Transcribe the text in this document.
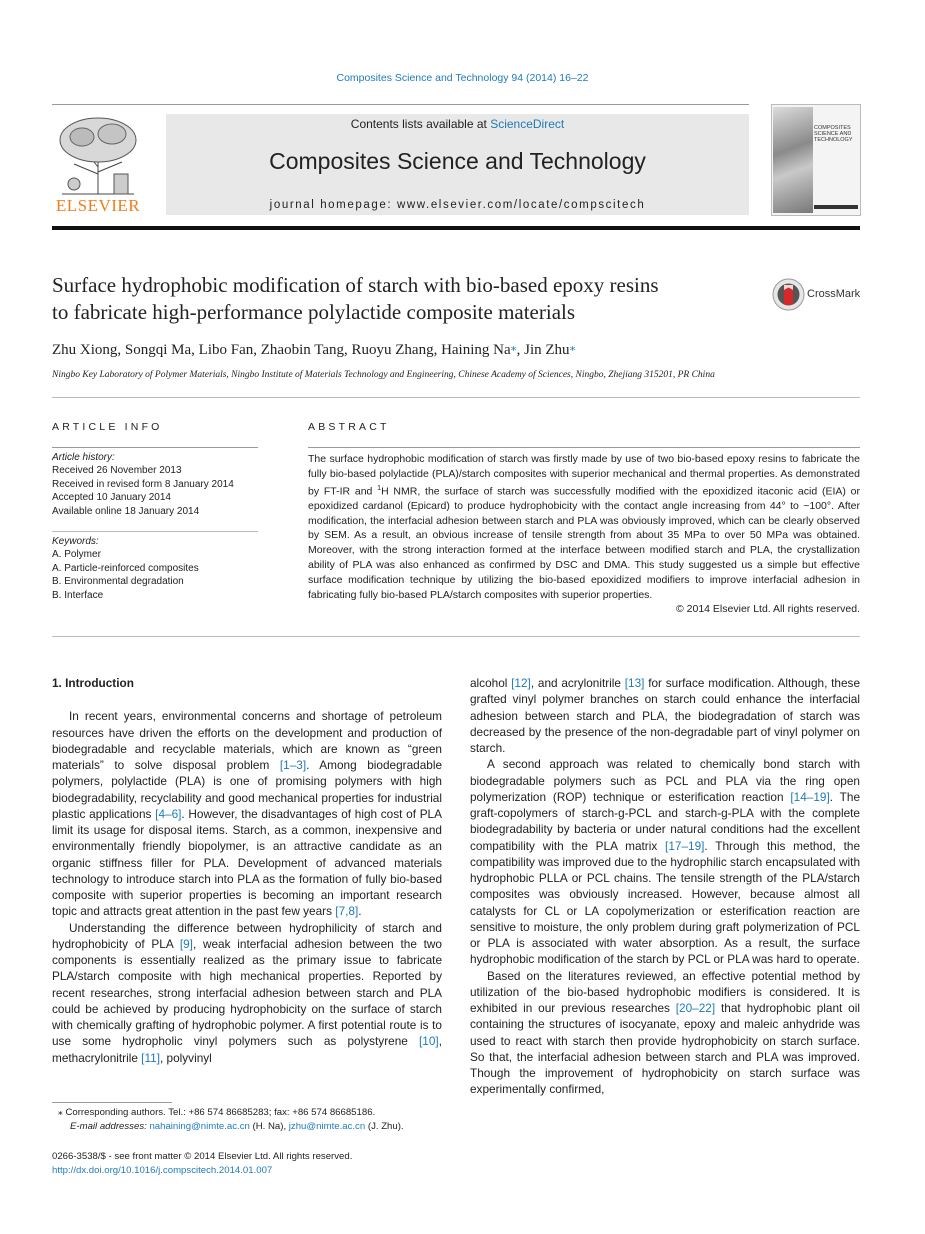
Composites Science and Technology 94 (2014) 16–22
ELSEVIER
Contents lists available at ScienceDirect
Composites Science and Technology
journal homepage: www.elsevier.com/locate/compscitech
COMPOSITES SCIENCE AND TECHNOLOGY
Surface hydrophobic modification of starch with bio-based epoxy resins
to fabricate high-performance polylactide composite materials
CrossMark
Zhu Xiong, Songqi Ma, Libo Fan, Zhaobin Tang, Ruoyu Zhang, Haining Na⁎, Jin Zhu⁎
Ningbo Key Laboratory of Polymer Materials, Ningbo Institute of Materials Technology and Engineering, Chinese Academy of Sciences, Ningbo, Zhejiang 315201, PR China
ARTICLE INFO
Article history:
Received 26 November 2013
Received in revised form 8 January 2014
Accepted 10 January 2014
Available online 18 January 2014
Keywords:
A. Polymer
A. Particle-reinforced composites
B. Environmental degradation
B. Interface
ABSTRACT
The surface hydrophobic modification of starch was firstly made by use of two bio-based epoxy resins to fabricate the fully bio-based polylactide (PLA)/starch composites with superior mechanical and thermal properties. As demonstrated by FT-IR and $^1$H NMR, the surface of starch was successfully modified with the epoxidized itaconic acid (EIA) or epoxidized cardanol (Epicard) to produce hydrophobicity with the contact angle increasing from 44° to ~100°. After modification, the interfacial adhesion between starch and PLA was obviously improved, which can be clearly observed by SEM. As a result, an obvious increase of tensile strength from about 35 MPa to over 50 MPa was obtained. Moreover, with the strong interaction formed at the interface between modified starch and PLA, the crystallization ability of PLA was also enhanced as confirmed by DSC and DMA. This study suggested us a simple but effective surface modification technique by utilizing the bio-based epoxidized modifiers to improve interfacial adhesion in fabricating fully bio-based PLA/starch composites with superior properties.
© 2014 Elsevier Ltd. All rights reserved.
1. Introduction

In recent years, environmental concerns and shortage of petroleum resources have driven the efforts on the development and production of biodegradable and recyclable materials, which are known as “green materials” to solve disposal problem [1–3]. Among biodegradable polymers, polylactide (PLA) is one of promising polymers with high biodegradability, recyclability and good mechanical properties for industrial plastic applications [4–6]. However, the disadvantages of high cost of PLA limit its usage for disposal items. Starch, as a common, inexpensive and environmentally friendly biopolymer, is an attractive candidate as an organic stiffness filler for PLA. Development of advanced materials technology to introduce starch into PLA as the formation of fully bio-based composite with superior properties is becoming an important research topic and attracts great attention in the past few years [7,8].

Understanding the difference between hydrophilicity of starch and hydrophobicity of PLA [9], weak interfacial adhesion between the two components is essentially realized as the primary issue to fabricate PLA/starch composite with high mechanical properties. Reported by recent researches, strong interfacial adhesion between starch and PLA could be achieved by producing hydrophobicity on the surface of starch with chemically grafting of hydrophobic polymer. A first potential route is to use some hydropholic vinyl polymers such as polystyrene [10], methacrylonitrile [11], polyvinyl

alcohol [12], and acrylonitrile [13] for surface modification. Although, these grafted vinyl polymer branches on starch could enhance the interfacial adhesion between starch and PLA, the biodegradation of starch was decreased by the presence of the non-degradable part of vinyl polymer on starch.

A second approach was related to chemically bond starch with biodegradable polymers such as PCL and PLA via the ring open polymerization (ROP) technique or esterification reaction [14–19]. The graft-copolymers of starch-g-PCL and starch-g-PLA with the complete biodegradability by bacteria or under natural conditions had the excellent compatibility with the PLA matrix [17–19]. Through this method, the compatibility was improved due to the hydrophilic starch encapsulated with hydrophobic PLLA or PCL chains. The tensile strength of the PLA/starch composites was obviously increased. However, because almost all catalysts for CL or LA copolymerization or esterification reaction are sensitive to moisture, the only problem during graft polymerization of PCL or PLA is associated with water absorption. As a result, the surface hydrophobic modification of the starch by PCL or PLA was hard to operate.

Based on the literatures reviewed, an effective potential method by utilization of the bio-based hydrophobic modifiers is considered. It is exhibited in our previous researches [20–22] that hydrophobic plant oil containing the structures of isocyanate, epoxy and maleic anhydride was used to react with starch then provide hydrophobicity on starch surface. So that, the interfacial adhesion between starch and PLA was improved. Though the improvement of hydrophobicity on starch surface was experimentally confirmed,

⁎ Corresponding authors. Tel.: +86 574 86685283; fax: +86 574 86685186.
E-mail addresses: nahaining@nimte.ac.cn (H. Na), jzhu@nimte.ac.cn (J. Zhu).
0266-3538/$ - see front matter © 2014 Elsevier Ltd. All rights reserved.
http://dx.doi.org/10.1016/j.compscitech.2014.01.007
